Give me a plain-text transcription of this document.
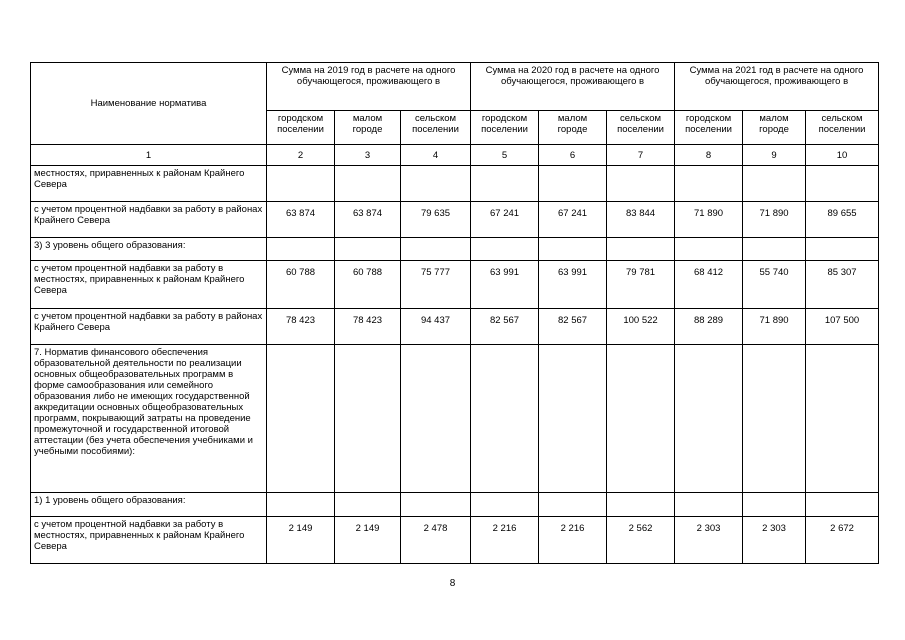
Наименование норматива	Сумма на 2019 год в расчете на одного обучающегося, проживающего в			Сумма на 2020 год в расчете на одного обучающегося, проживающего в			Сумма на 2021 год в расчете на одного обучающегося, проживающего в		
	городском поселении	малом городе	сельском поселении	городском поселении	малом городе	сельском поселении	городском поселении	малом городе	сельском поселении
1	2	3	4	5	6	7	8	9	10
местностях, приравненных к районам Крайнего Севера									
с учетом процентной надбавки за работу в районах Крайнего Севера	63 874	63 874	79 635	67 241	67 241	83 844	71 890	71 890	89 655
3) 3 уровень общего образования:									
с учетом процентной надбавки за работу в местностях, приравненных к районам Крайнего Севера	60 788	60 788	75 777	63 991	63 991	79 781	68 412	55 740	85 307
с учетом процентной надбавки за работу в районах Крайнего Севера	78 423	78 423	94 437	82 567	82 567	100 522	88 289	71 890	107 500
7. Норматив финансового обеспечения образовательной деятельности по реализации основных общеобразовательных программ в форме самообразования или семейного образования либо не имеющих государственной аккредитации основных общеобразовательных программ, покрывающий затраты на проведение промежуточной и государственной итоговой аттестации (без учета обеспечения учебниками и учебными пособиями):									
1) 1 уровень общего образования:									
с учетом процентной надбавки за работу в местностях, приравненных к районам Крайнего Севера	2 149	2 149	2 478	2 216	2 216	2 562	2 303	2 303	2 672
8
